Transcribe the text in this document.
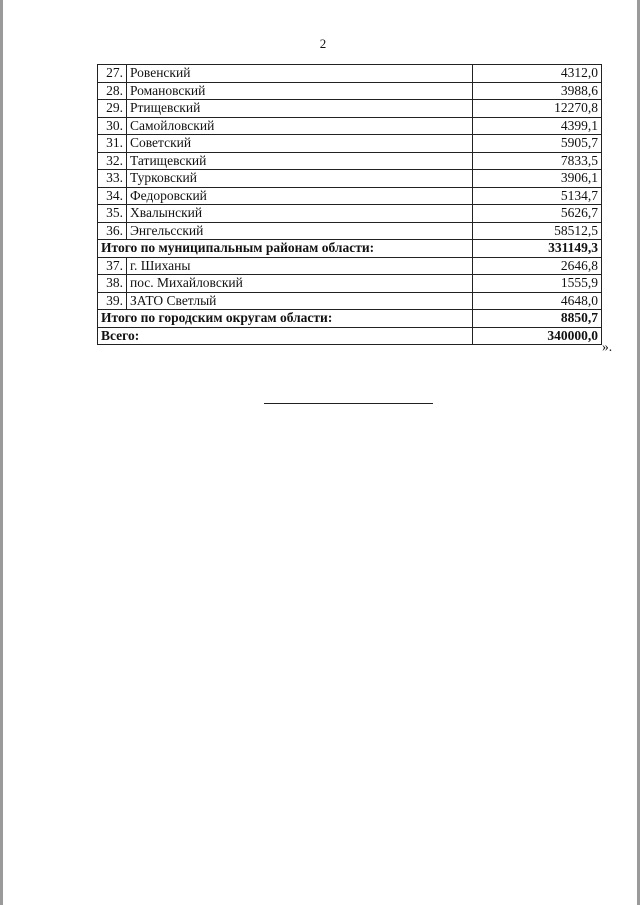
2
27.	Ровенский	4312,0
28.	Романовский	3988,6
29.	Ртищевский	12270,8
30.	Самойловский	4399,1
31.	Советский	5905,7
32.	Татищевский	7833,5
33.	Турковский	3906,1
34.	Федоровский	5134,7
35.	Хвалынский	5626,7
36.	Энгельсский	58512,5
Итого по муниципальным районам области:		331149,3
37.	г. Шиханы	2646,8
38.	пос. Михайловский	1555,9
39.	ЗАТО Светлый	4648,0
Итого по городским округам области:		8850,7
Всего:		340000,0
».
